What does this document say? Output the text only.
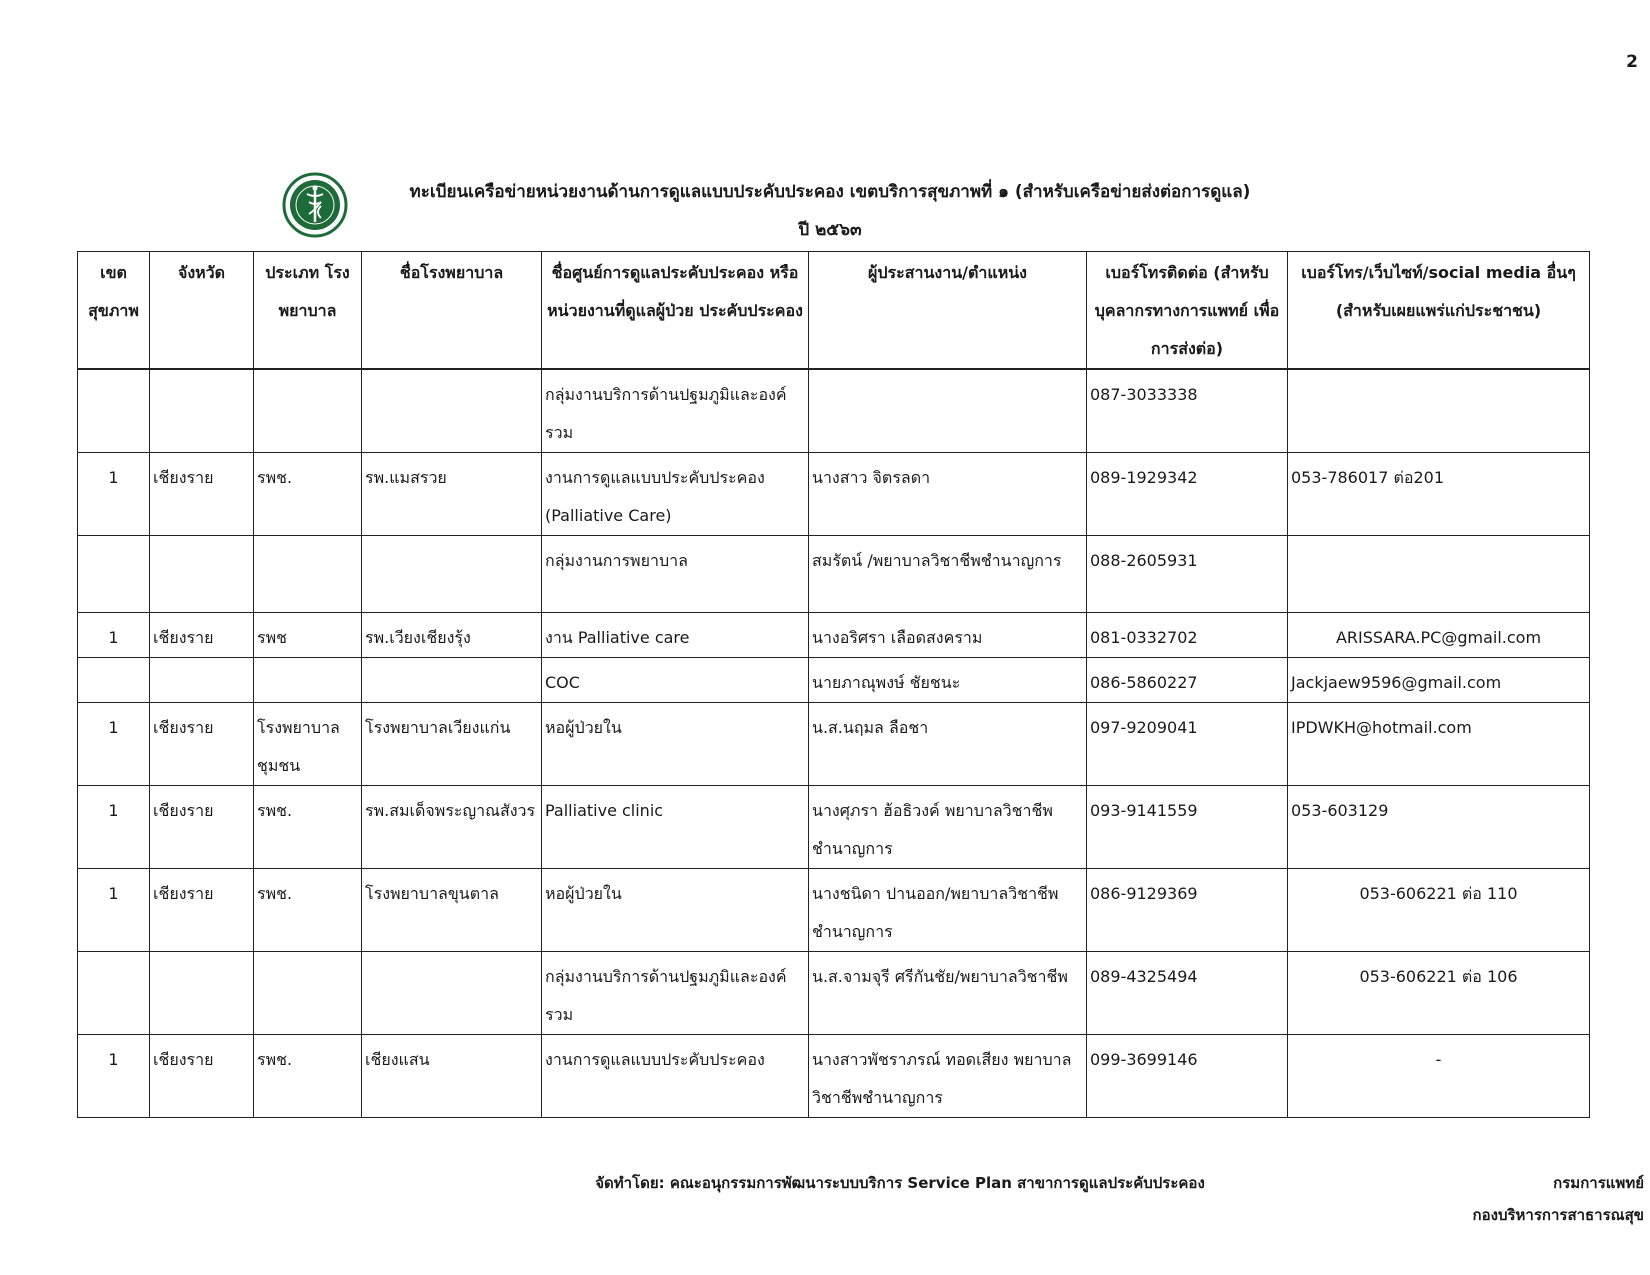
2
ทะเบียนเครือข่ายหน่วยงานด้านการดูแลแบบประคับประคอง เขตบริการสุขภาพที่ ๑ (สำหรับเครือข่ายส่งต่อการดูแล)
ปี ๒๕๖๓
เขต สุขภาพ	จังหวัด	ประเภท โรงพยาบาล	ชื่อโรงพยาบาล	ชื่อศูนย์การดูแลประคับประคอง หรือ หน่วยงานที่ดูแลผู้ป่วย ประคับประคอง	ผู้ประสานงาน/ตำแหน่ง	เบอร์โทรติดต่อ (สำหรับ บุคลากรทางการแพทย์ เพื่อการส่งต่อ)	เบอร์โทร/เว็บไซท์/social media อื่นๆ (สำหรับเผยแพร่แก่ประชาชน)
				กลุ่มงานบริการด้านปฐมภูมิและองค์รวม		087-3033338	
1	เชียงราย	รพช.	รพ.แมสรวย	งานการดูแลแบบประคับประคอง (Palliative Care)	นางสาว จิตรลดา	089-1929342	053-786017 ต่อ201
				กลุ่มงานการพยาบาล	สมรัตน์ /พยาบาลวิชาชีพชำนาญการ	088-2605931	
1	เชียงราย	รพช	รพ.เวียงเชียงรุ้ง	งาน Palliative care	นางอริศรา เลือดสงคราม	081-0332702	ARISSARA.PC@gmail.com
				COC	นายภาณุพงษ์ ชัยชนะ	086-5860227	Jackjaew9596@gmail.com
1	เชียงราย	โรงพยาบาลชุมชน	โรงพยาบาลเวียงแก่น	หอผู้ป่วยใน	น.ส.นฤมล ลือชา	097-9209041	IPDWKH@hotmail.com
1	เชียงราย	รพช.	รพ.สมเด็จพระญาณสังวร	Palliative clinic	นางศุภรา ฮ้อธิวงค์ พยาบาลวิชาชีพชำนาญการ	093-9141559	053-603129
1	เชียงราย	รพช.	โรงพยาบาลขุนตาล	หอผู้ป่วยใน	นางชนิดา ปานออก/พยาบาลวิชาชีพชำนาญการ	086-9129369	053-606221 ต่อ 110
				กลุ่มงานบริการด้านปฐมภูมิและองค์รวม	น.ส.จามจุรี ศรีกันชัย/พยาบาลวิชาชีพ	089-4325494	053-606221 ต่อ 106
1	เชียงราย	รพช.	เชียงแสน	งานการดูแลแบบประคับประคอง	นางสาวพัชราภรณ์ ทอดเสียง พยาบาลวิชาชีพชำนาญการ	099-3699146	-
จัดทำโดย: คณะอนุกรรมการพัฒนาระบบบริการ Service Plan สาขาการดูแลประคับประคอง	กรมการแพทย์
กองบริหารการสาธารณสุข
